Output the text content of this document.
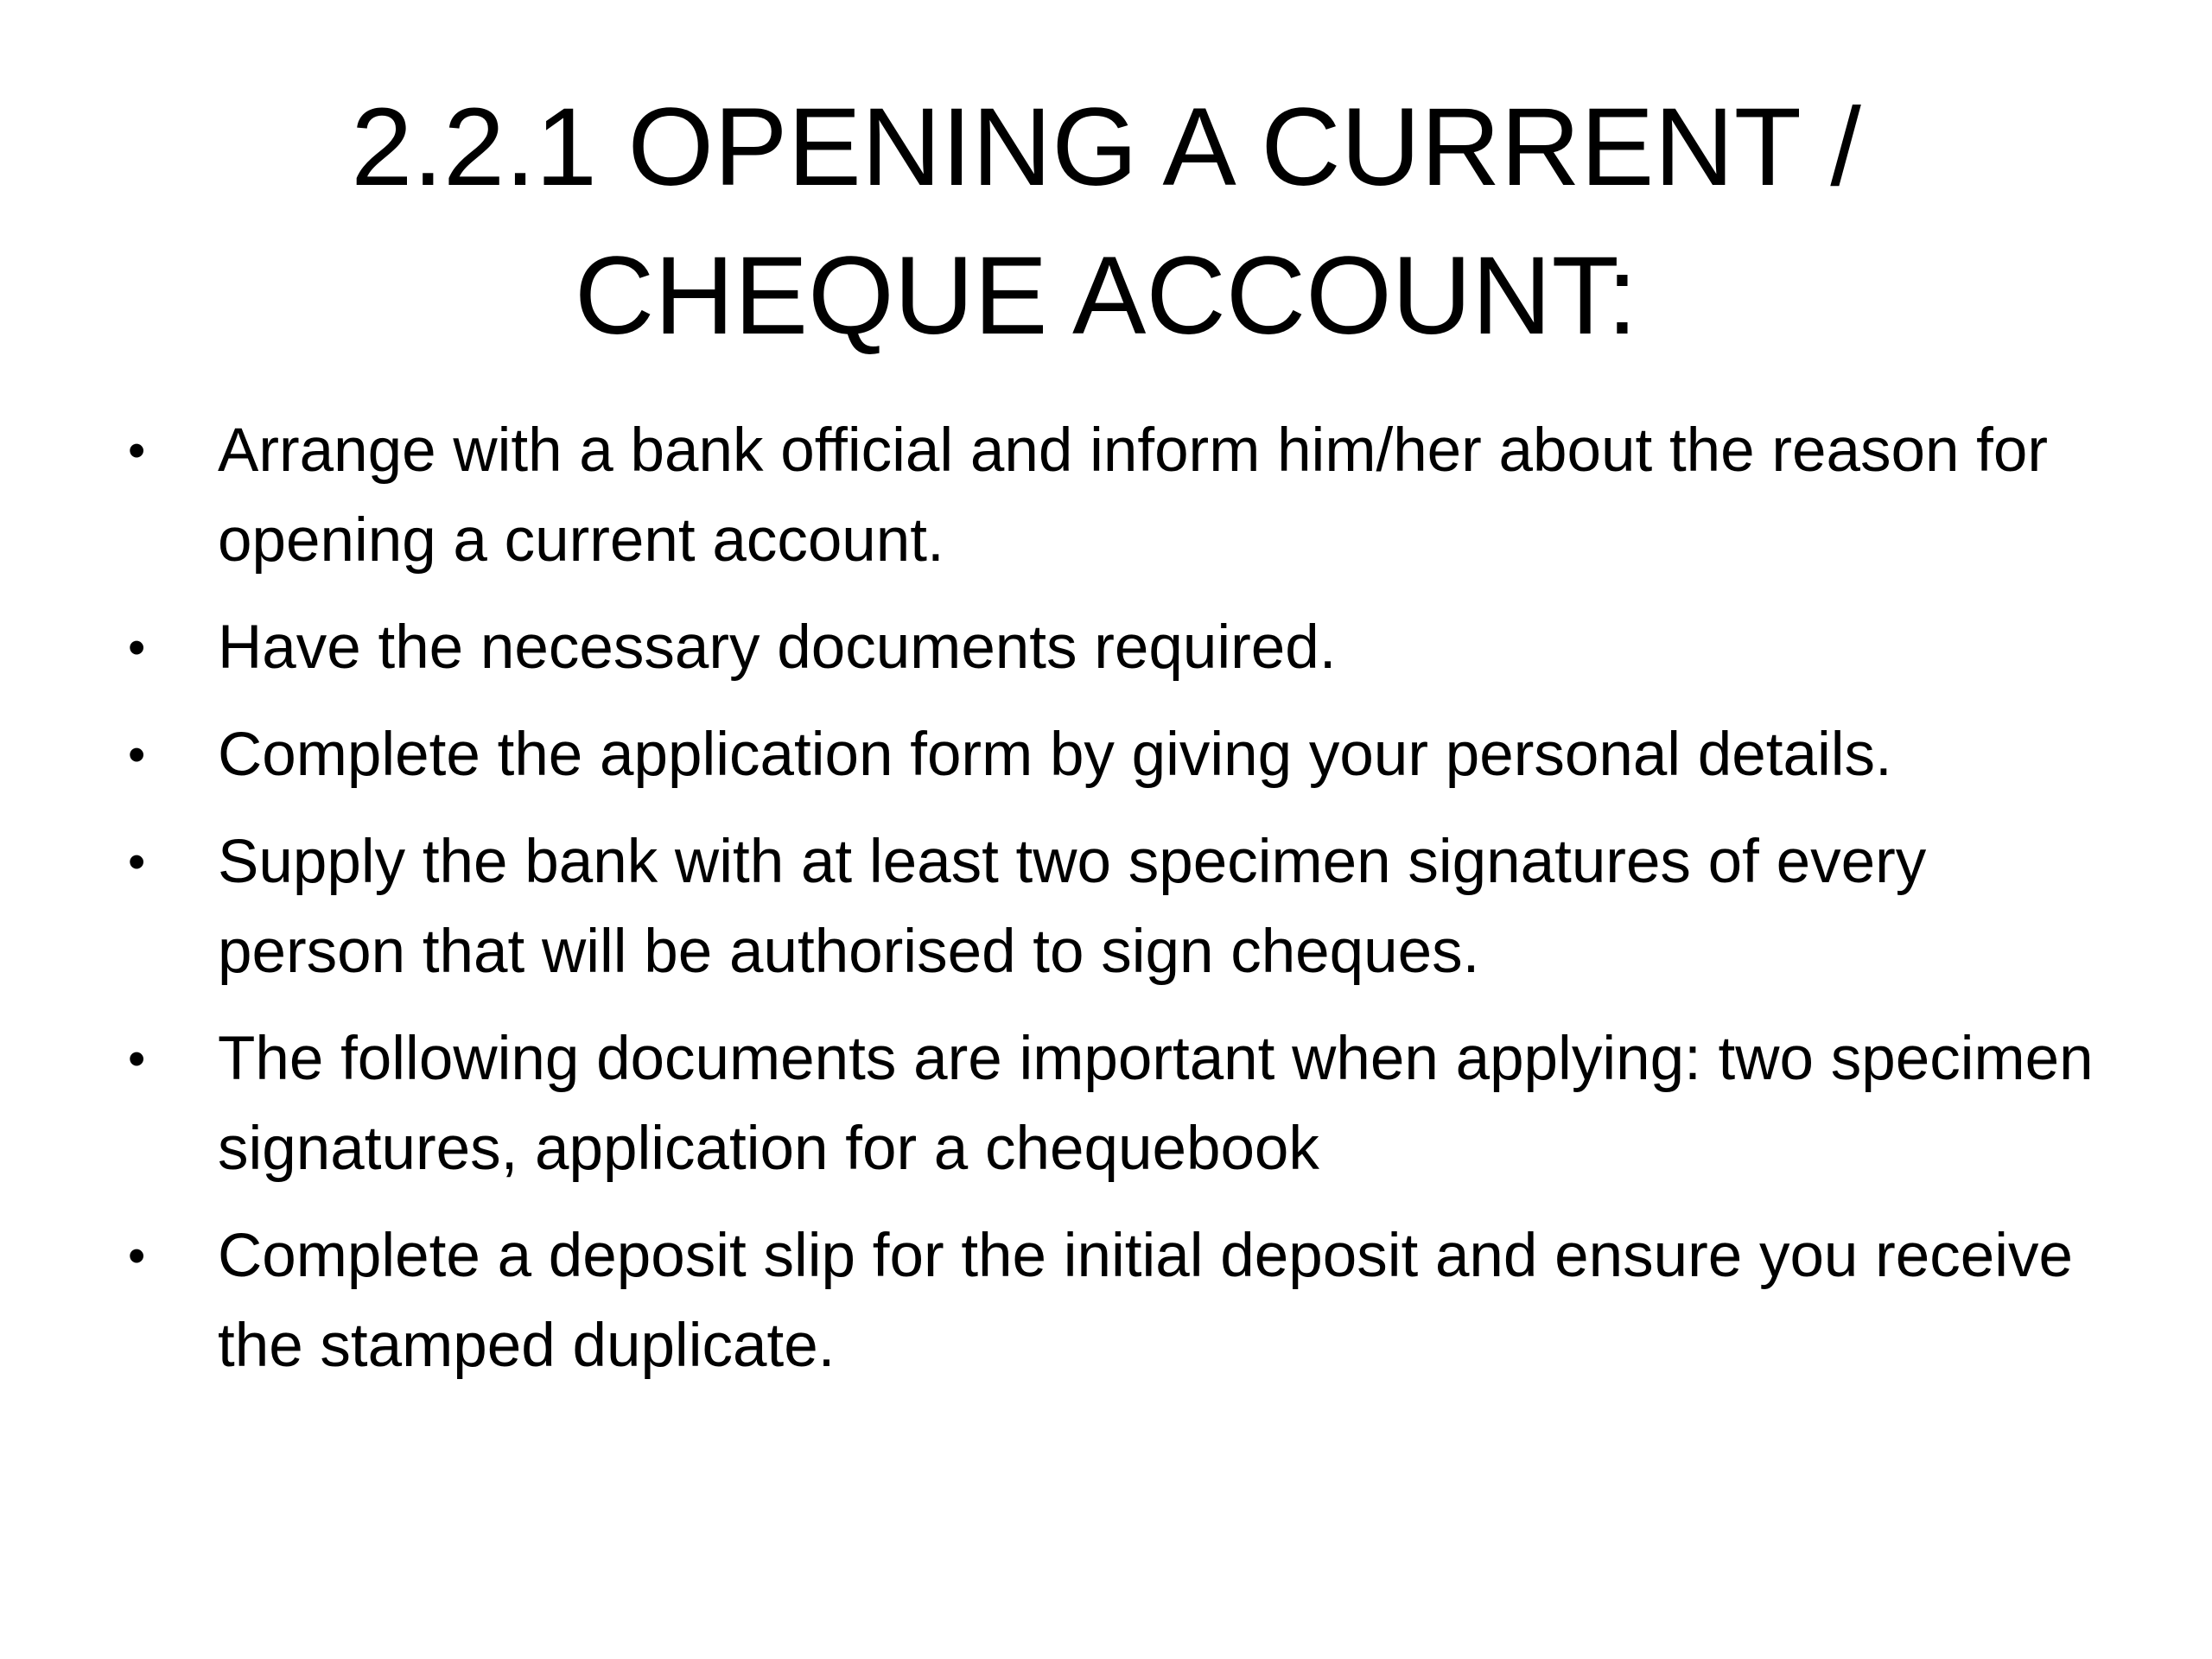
2.2.1 OPENING A CURRENT / CHEQUE ACCOUNT:
• Arrange with a bank official and inform him/her about the reason for opening a current account.
• Have the necessary documents required.
• Complete the application form by giving your personal details.
• Supply the bank with at least two specimen signatures of every person that will be authorised to sign cheques.
• The following documents are important when applying: two specimen signatures, application for a chequebook
• Complete a deposit slip for the initial deposit and ensure you receive the stamped duplicate.
